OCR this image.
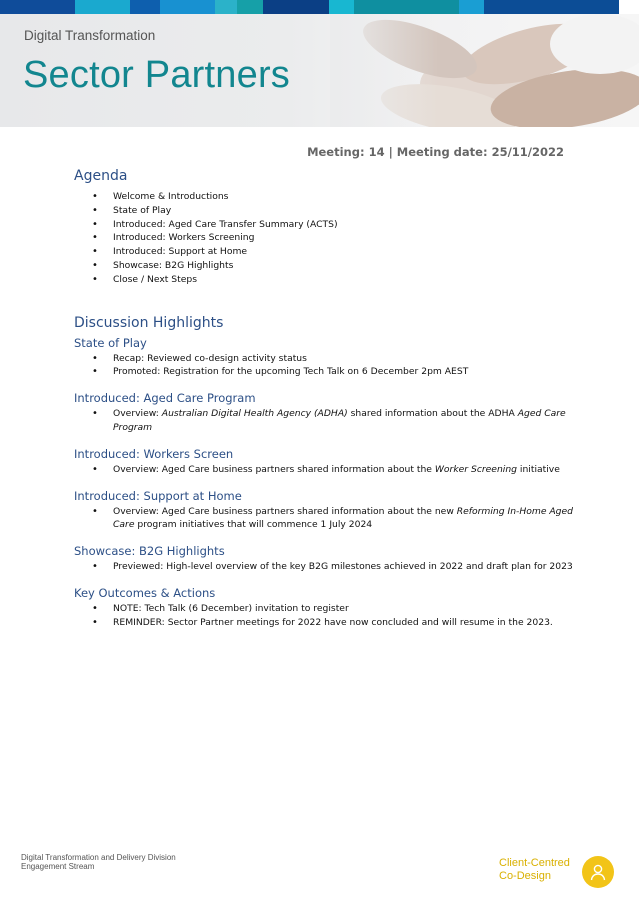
Digital Transformation
Sector Partners
Meeting: 14 | Meeting date: 25/11/2022
Agenda
• Welcome & Introductions
• State of Play
• Introduced: Aged Care Transfer Summary (ACTS)
• Introduced: Workers Screening
• Introduced: Support at Home
• Showcase: B2G Highlights
• Close / Next Steps
Discussion Highlights
State of Play
• Recap: Reviewed co-design activity status
• Promoted: Registration for the upcoming Tech Talk on 6 December 2pm AEST
Introduced: Aged Care Program
• Overview: Australian Digital Health Agency (ADHA) shared information about the ADHA Aged Care Program
Introduced: Workers Screen
• Overview: Aged Care business partners shared information about the Worker Screening initiative
Introduced: Support at Home
• Overview: Aged Care business partners shared information about the new Reforming In-Home Aged Care program initiatives that will commence 1 July 2024
Showcase: B2G Highlights
• Previewed: High-level overview of the key B2G milestones achieved in 2022 and draft plan for 2023
Key Outcomes & Actions
• NOTE: Tech Talk (6 December) invitation to register
• REMINDER: Sector Partner meetings for 2022 have now concluded and will resume in the 2023.
Digital Transformation and Delivery Division
Engagement Stream	Client-Centred
Co-Design
